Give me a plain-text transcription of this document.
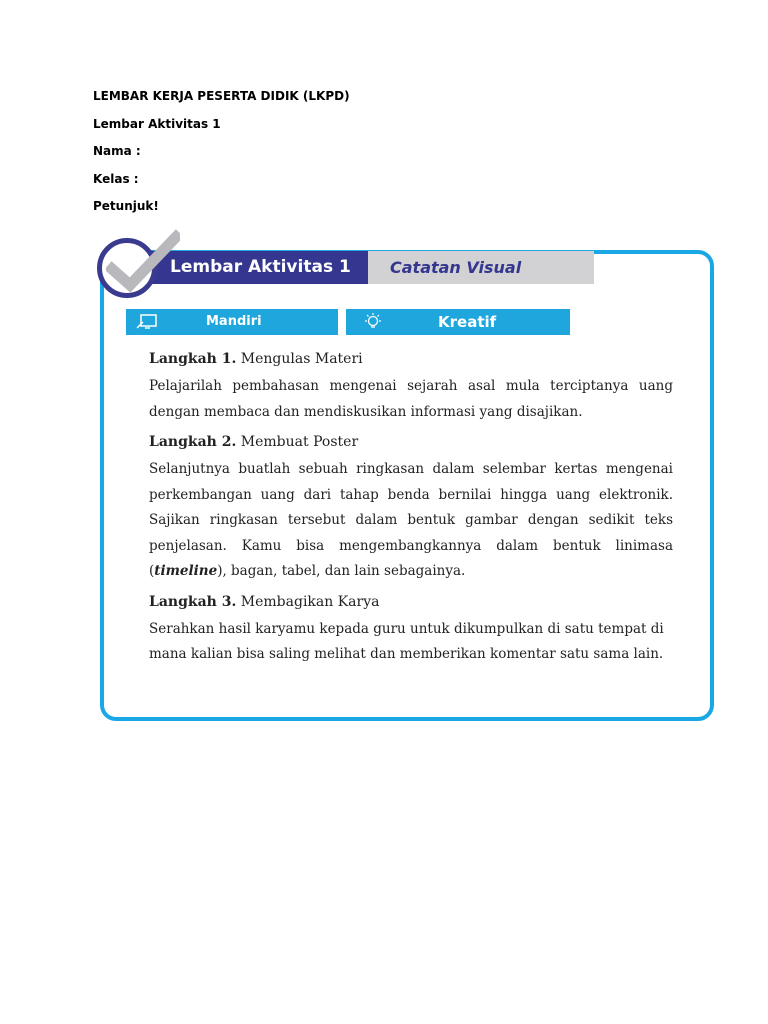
LEMBAR KERJA PESERTA DIDIK (LKPD)
Lembar Aktivitas 1
Nama :
Kelas :
Petunjuk!
Lembar Aktivitas 1	Catatan Visual
Mandiri	Kreatif
Langkah 1. Mengulas Materi
Pelajarilah pembahasan mengenai sejarah asal mula terciptanya uang dengan membaca dan mendiskusikan informasi yang disajikan.
Langkah 2. Membuat Poster
Selanjutnya buatlah sebuah ringkasan dalam selembar kertas mengenai perkembangan uang dari tahap benda bernilai hingga uang elektronik. Sajikan ringkasan tersebut dalam bentuk gambar dengan sedikit teks penjelasan. Kamu bisa mengembangkannya dalam bentuk linimasa (timeline), bagan, tabel, dan lain sebagainya.
Langkah 3. Membagikan Karya
Serahkan hasil karyamu kepada guru untuk dikumpulkan di satu tempat di mana kalian bisa saling melihat dan memberikan komentar satu sama lain.
